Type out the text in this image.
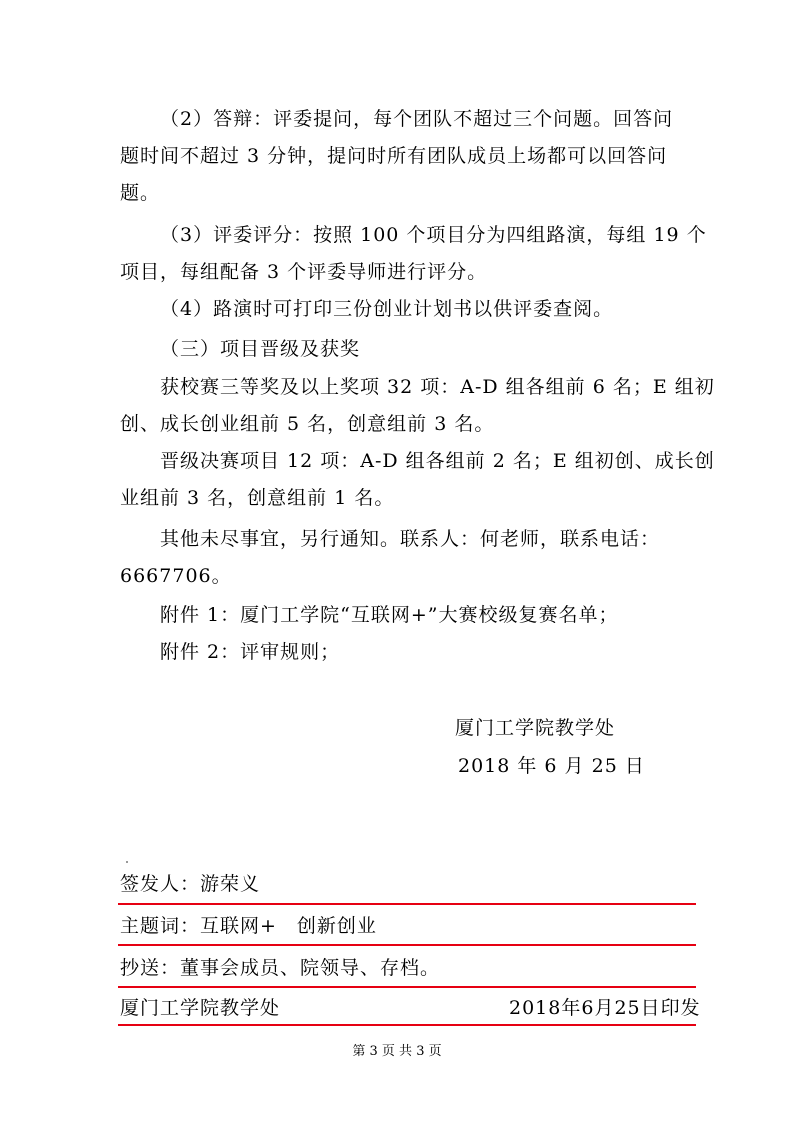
（2）答辩：评委提问，每个团队不超过三个问题。回答问
题时间不超过 3 分钟，提问时所有团队成员上场都可以回答问
题。
（3）评委评分：按照 100 个项目分为四组路演，每组 19 个
项目，每组配备 3 个评委导师进行评分。
（4）路演时可打印三份创业计划书以供评委查阅。
（三）项目晋级及获奖
获校赛三等奖及以上奖项 32 项：A-D 组各组前 6 名；E 组初
创、成长创业组前 5 名，创意组前 3 名。
晋级决赛项目 12 项：A-D 组各组前 2 名；E 组初创、成长创
业组前 3 名，创意组前 1 名。
其他未尽事宜，另行通知。联系人：何老师，联系电话：
6667706。
附件 1：厦门工学院“互联网+”大赛校级复赛名单；
附件 2：评审规则；
厦门工学院教学处
2018 年 6 月 25 日
签发人：游荣义
主题词：互联网+　创新创业
抄送：董事会成员、院领导、存档。
厦门工学院教学处	2018年6月25日印发
第 3 页 共 3 页
